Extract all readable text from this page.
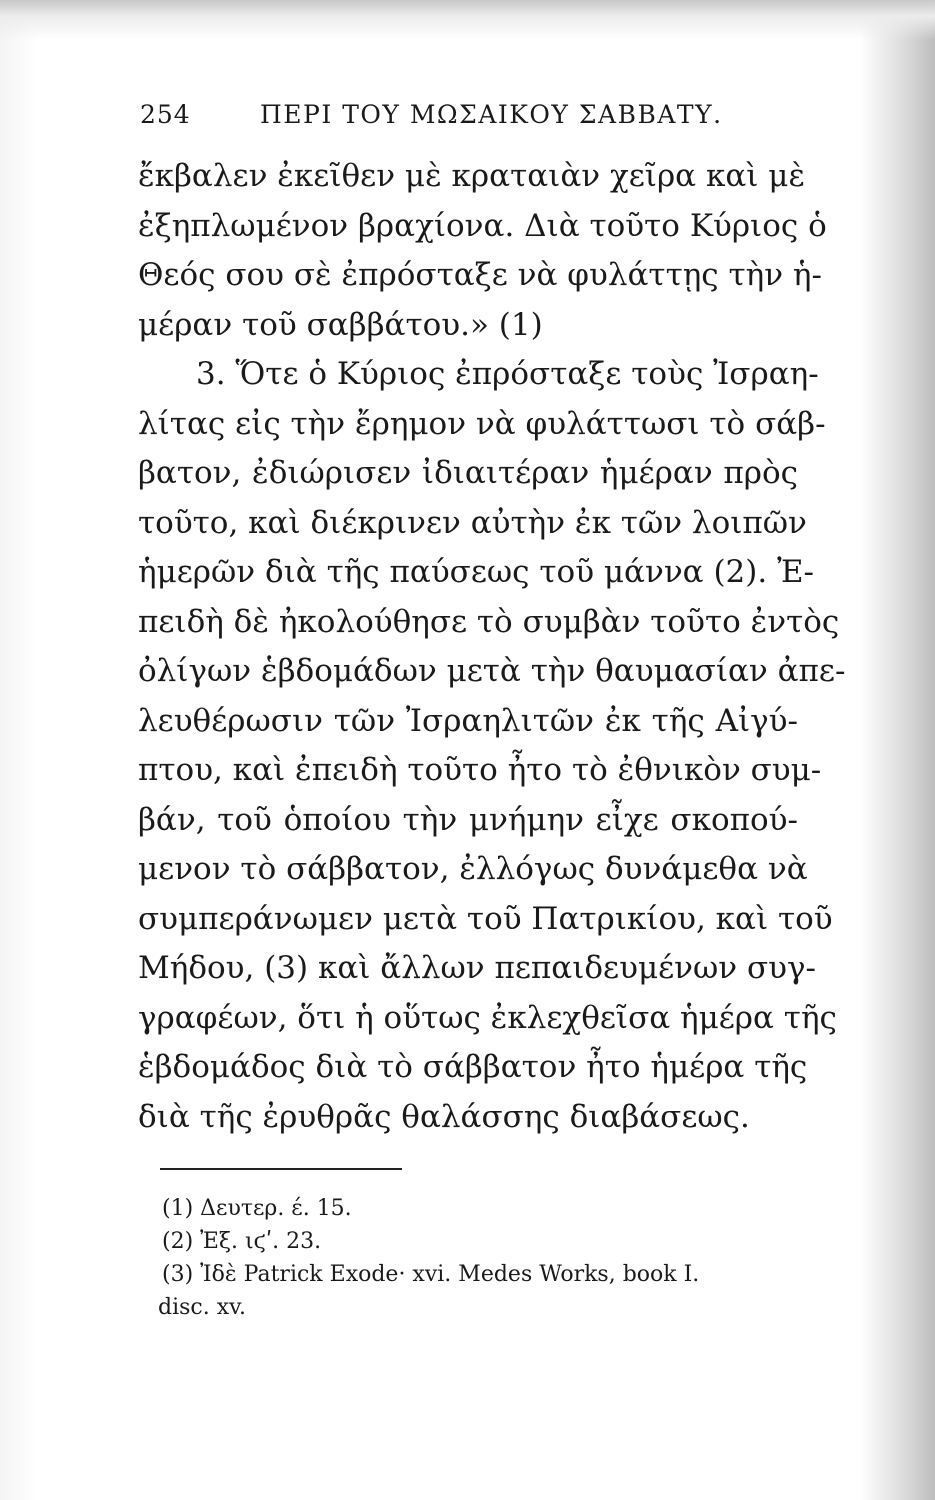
254	ΠΕΡΙ ΤΟΥ ΜΩΣΑΙΚΟΥ ΣΑΒΒΑΤΥ.
ἔκβαλεν ἐκεῖθεν μὲ κραταιὰν χεῖρα καὶ μὲ
ἐξηπλωμένον βραχίονα. Διὰ τοῦτο Κύριος ὁ
Θεός σου σὲ ἐπρόσταξε νὰ φυλάττῃς τὴν ἡ-
μέραν τοῦ σαββάτου.» (1)
3. Ὅτε ὁ Κύριος ἐπρόσταξε τοὺς Ἰσραη-
λίτας εἰς τὴν ἔρημον νὰ φυλάττωσι τὸ σάβ-
βατον, ἐδιώρισεν ἰδιαιτέραν ἡμέραν πρὸς
τοῦτο, καὶ διέκρινεν αὐτὴν ἐκ τῶν λοιπῶν
ἡμερῶν διὰ τῆς παύσεως τοῦ μάννα (2). Ἐ-
πειδὴ δὲ ἠκολούθησε τὸ συμβὰν τοῦτο ἐντὸς
ὀλίγων ἑβδομάδων μετὰ τὴν θαυμασίαν ἀπε-
λευθέρωσιν τῶν Ἰσραηλιτῶν ἐκ τῆς Αἰγύ-
πτου, καὶ ἐπειδὴ τοῦτο ἦτο τὸ ἐθνικὸν συμ-
βάν, τοῦ ὁποίου τὴν μνήμην εἶχε σκοπού-
μενον τὸ σάββατον, ἐλλόγως δυνάμεθα νὰ
συμπεράνωμεν μετὰ τοῦ Πατρικίου, καὶ τοῦ
Μήδου, (3) καὶ ἄλλων πεπαιδευμένων συγ-
γραφέων, ὅτι ἡ οὕτως ἐκλεχθεῖσα ἡμέρα τῆς
ἑβδομάδος διὰ τὸ σάββατον ἦτο ἡμέρα τῆς
διὰ τῆς ἐρυθρᾶς θαλάσσης διαβάσεως.
(1) Δευτερ. έ. 15.
(2) Ἐξ. ιϛʹ. 23.
(3) Ἰδὲ Patrick Exode· xvi. Medes Works, book I.
disc. xv.
